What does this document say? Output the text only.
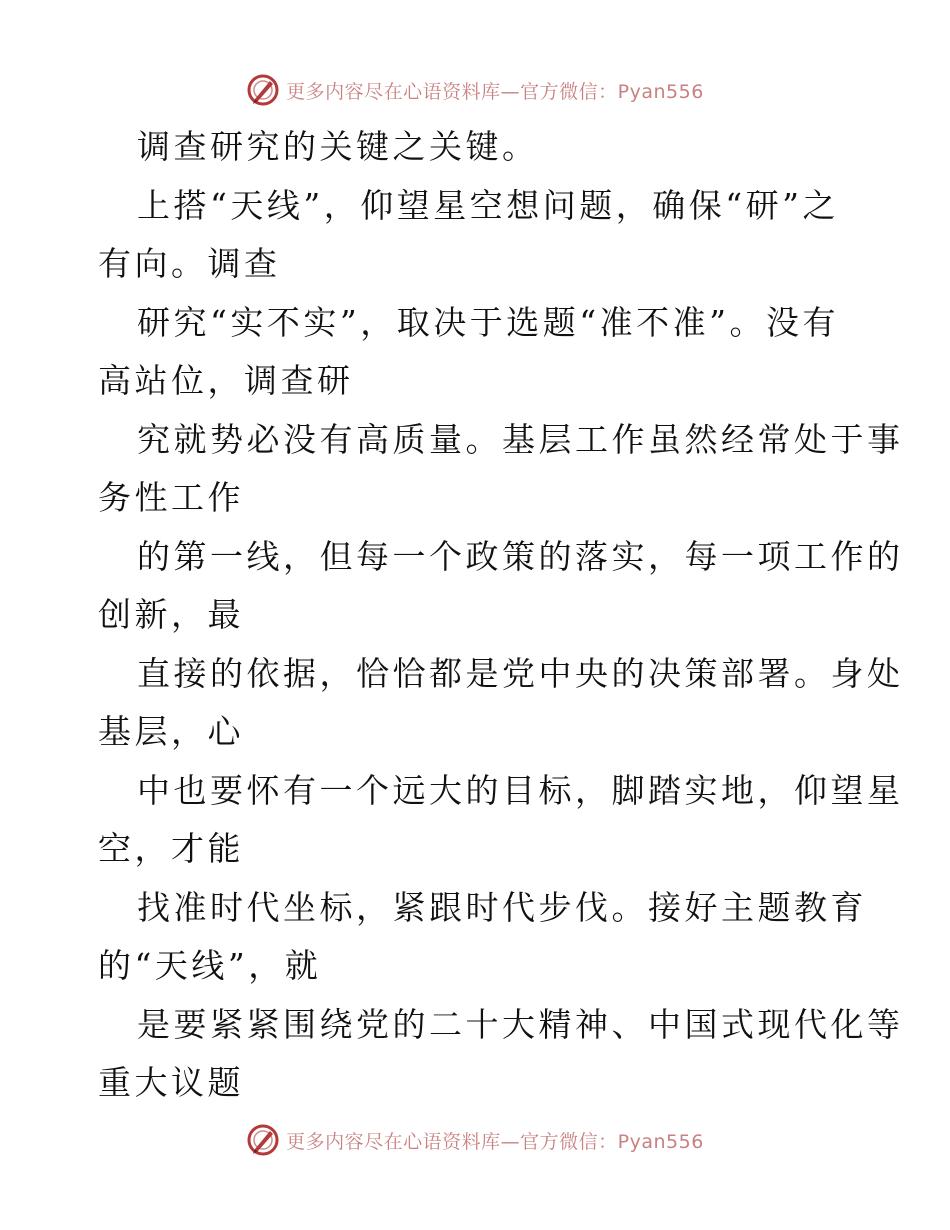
更多内容尽在心语资料库—官方微信：Pyan556
调查研究的关键之关键。
上搭“天线”，仰望星空想问题，确保“研”之
有向。调查
研究“实不实”，取决于选题“准不准”。没有
高站位，调查研
究就势必没有高质量。基层工作虽然经常处于事
务性工作
的第一线，但每一个政策的落实，每一项工作的
创新，最
直接的依据，恰恰都是党中央的决策部署。身处
基层，心
中也要怀有一个远大的目标，脚踏实地，仰望星
空，才能
找准时代坐标，紧跟时代步伐。接好主题教育
的“天线”，就
是要紧紧围绕党的二十大精神、中国式现代化等
重大议题
更多内容尽在心语资料库—官方微信：Pyan556
